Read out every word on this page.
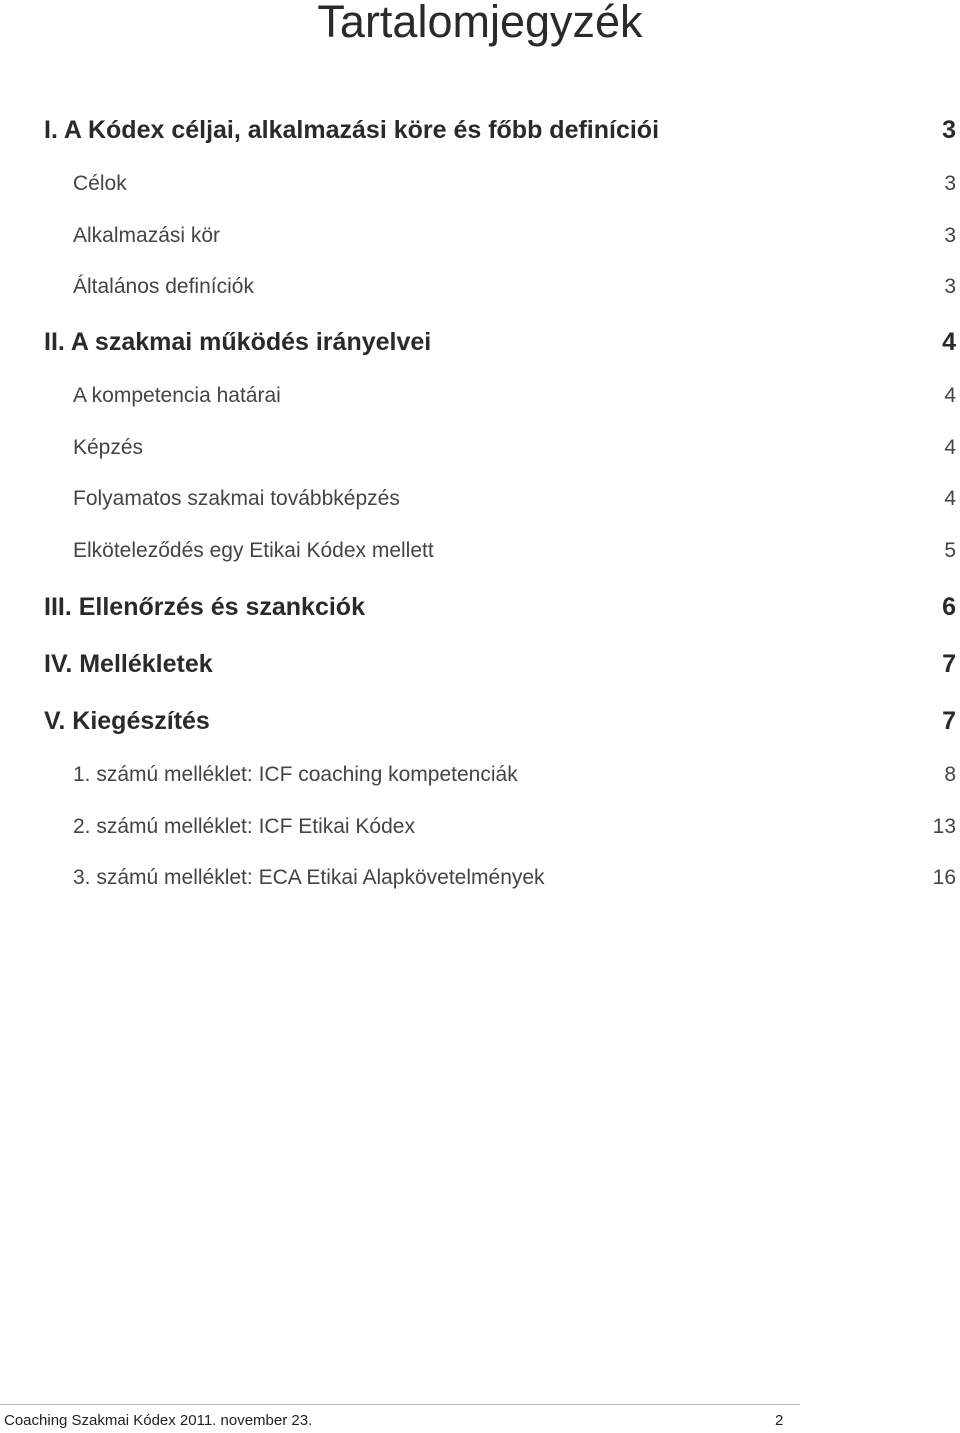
Tartalomjegyzék
I. A Kódex céljai, alkalmazási köre és főbb definíciói	3
Célok	3
Alkalmazási kör	3
Általános definíciók	3
II. A szakmai működés irányelvei	4
A kompetencia határai	4
Képzés	4
Folyamatos szakmai továbbképzés	4
Elköteleződés egy Etikai Kódex mellett	5
III. Ellenőrzés és szankciók	6
IV. Mellékletek	7
V. Kiegészítés	7
1. számú melléklet: ICF coaching kompetenciák	8
2. számú melléklet: ICF Etikai Kódex	13
3. számú melléklet: ECA Etikai Alapkövetelmények	16
Coaching Szakmai Kódex 2011. november 23.	2
